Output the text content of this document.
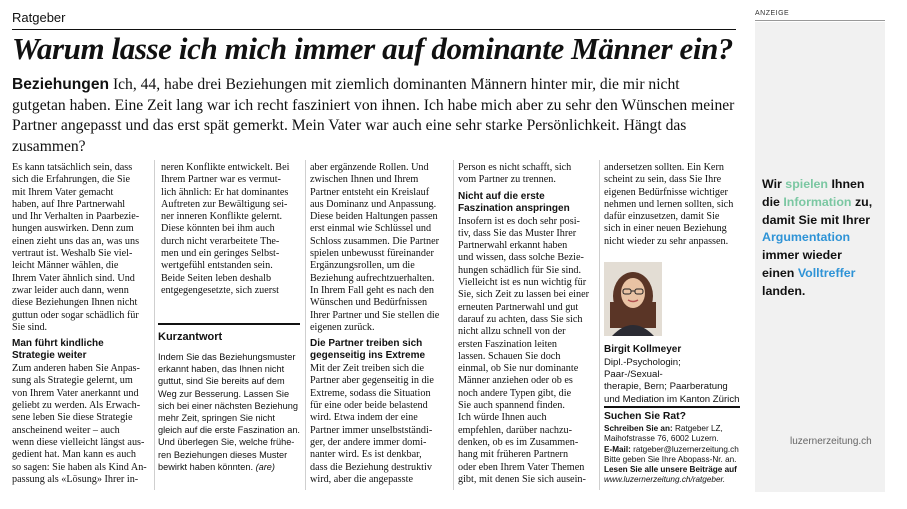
Ratgeber
Warum lasse ich mich immer auf dominante Männer ein?
Beziehungen Ich, 44, habe drei Beziehungen mit ziemlich dominanten Männern hinter mir, die mir nicht gutgetan haben. Eine Zeit lang war ich recht fasziniert von ihnen. Ich habe mich aber zu sehr den Wünschen meiner Partner angepasst und das erst spät gemerkt. Mein Vater war auch eine sehr starke Persönlichkeit. Hängt das zusammen?

Es kann tatsächlich sein, dass
sich die Erfahrungen, die Sie
mit Ihrem Vater gemacht
haben, auf Ihre Partnerwahl
und Ihr Verhalten in Paarbezie-
hungen auswirken. Denn zum
einen zieht uns das an, was uns
vertraut ist. Weshalb Sie viel-
leicht Männer wählen, die
Ihrem Vater ähnlich sind. Und
zwar leider auch dann, wenn
diese Beziehungen Ihnen nicht
guttun oder sogar schädlich für
Sie sind.

Man führt kindliche
Strategie weiter

Zum anderen haben Sie Anpas-
sung als Strategie gelernt, um
von Ihrem Vater anerkannt und
geliebt zu werden. Als Erwach-
sene leben Sie diese Strategie
anscheinend weiter – auch
wenn diese vielleicht längst aus-
gedient hat. Man kann es auch
so sagen: Sie haben als Kind An-
passung als «Lösung» Ihrer in-

neren Konflikte entwickelt. Bei
Ihrem Partner war es vermut-
lich ähnlich: Er hat dominantes
Auftreten zur Bewältigung sei-
ner inneren Konflikte gelernt.
Diese könnten bei ihm auch
durch nicht verarbeitete The-
men und ein geringes Selbst-
wertgefühl entstanden sein.

Beide Seiten leben deshalb
entgegengesetzte, sich zuerst

Kurzantwort

Indem Sie das Beziehungsmuster
erkannt haben, das Ihnen nicht
guttut, sind Sie bereits auf dem
Weg zur Besserung. Lassen Sie
sich bei einer nächsten Beziehung
mehr Zeit, springen Sie nicht
gleich auf die erste Faszination an.
Und überlegen Sie, welche frühe-
ren Beziehungen dieses Muster
bewirkt haben könnten. (are)

aber ergänzende Rollen. Und
zwischen Ihnen und Ihrem
Partner entsteht ein Kreislauf
aus Dominanz und Anpassung.
Diese beiden Haltungen passen
erst einmal wie Schlüssel und
Schloss zusammen. Die Partner
spielen unbewusst füreinander
Ergänzungsrollen, um die
Beziehung aufrechtzuerhalten.
In Ihrem Fall geht es nach den
Wünschen und Bedürfnissen
Ihrer Partner und Sie stellen die
eigenen zurück.

Die Partner treiben sich
gegenseitig ins Extreme

Mit der Zeit treiben sich die
Partner aber gegenseitig in die
Extreme, sodass die Situation
für eine oder beide belastend
wird. Etwa indem der eine
Partner immer unselbstständi-
ger, der andere immer domi-
nanter wird. Es ist denkbar,
dass die Beziehung destruktiv
wird, aber die angepasste

Person es nicht schafft, sich
vom Partner zu trennen.

Nicht auf die erste
Faszination anspringen

Insofern ist es doch sehr posi-
tiv, dass Sie das Muster Ihrer
Partnerwahl erkannt haben
und wissen, dass solche Bezie-
hungen schädlich für Sie sind.
Vielleicht ist es nun wichtig für
Sie, sich Zeit zu lassen bei einer
erneuten Partnerwahl und gut
darauf zu achten, dass Sie sich
nicht allzu schnell von der
ersten Faszination leiten
lassen. Schauen Sie doch
einmal, ob Sie nur dominante
Männer anziehen oder ob es
noch andere Typen gibt, die
Sie auch spannend finden.

Ich würde Ihnen auch
empfehlen, darüber nachzu-
denken, ob es im Zusammen-
hang mit früheren Partnern
oder eben Ihrem Vater Themen
gibt, mit denen Sie sich ausein-

andersetzen sollten. Ein Kern
scheint zu sein, dass Sie Ihre
eigenen Bedürfnisse wichtiger
nehmen und lernen sollten, sich
dafür einzusetzen, damit Sie
sich in einer neuen Beziehung
nicht wieder zu sehr anpassen.

Birgit Kollmeyer

Dipl.-Psychologin; Paar-/Sexual-
therapie, Bern; Paarberatung
und Mediation im Kanton Zürich

Suchen Sie Rat?

Schreiben Sie an: Ratgeber LZ,
Maihofstrasse 76, 6002 Luzern.

E-Mail: ratgeber@luzernerzeitung.ch
Bitte geben Sie Ihre Abopass-Nr. an.

Lesen Sie alle unsere Beiträge auf
www.luzernerzeitung.ch/ratgeber.

ANZEIGE
Wir spielen Ihnen
die Information zu,
damit Sie mit Ihrer
Argumentation
immer wieder
einen Volltreffer
landen.
luzernerzeitung.ch
